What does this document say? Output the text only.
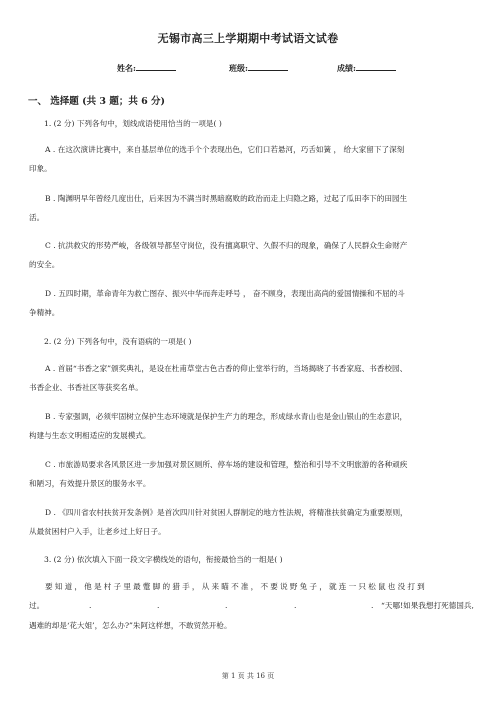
无锡市高三上学期期中考试语文试卷
姓名:	班级:	成绩:
一、 选择题 (共 3 题；共 6 分)
1. (2 分) 下列各句中，划线成语使用恰当的一项是( )
A . 在这次演讲比赛中，来自基层单位的选手个个表现出色，它们口若悬河，巧舌如簧 ， 给大家留下了深刻
印象。
B . 陶渊明早年曾经几度出仕，后来因为不满当时黑暗腐败的政治而走上归隐之路，过起了瓜田李下的田园生
活。
C . 抗洪救灾的形势严峻，各级领导都坚守岗位，没有擅离职守、久假不归的现象，确保了人民群众生命财产
的安全。
D . 五四时期，革命青年为救亡图存、振兴中华而奔走呼号 ， 奋不顾身，表现出高尚的爱国情操和不屈的斗
争精神。
2. (2 分) 下列各句中，没有语病的一项是( )
A . 首届“书香之家”颁奖典礼，是设在杜甫草堂古色古香的仰止堂举行的，当场揭晓了书香家庭、书香校园、
书香企业、书香社区等获奖名单。
B . 专家强调，必须牢固树立保护生态环境就是保护生产力的理念，形成绿水青山也是金山银山的生态意识，
构建与生态文明相适应的发展模式。
C . 市旅游局要求各风景区进一步加强对景区厕所、停车场的建设和管理，整治和引导不文明旅游的各种顽疾
和陋习，有效提升景区的服务水平。
D . 《四川省农村扶贫开发条例》是首次四川针对贫困人群制定的地方性法规，将精准扶贫确定为重要原则，
从最贫困村户入手，让老乡过上好日子。
3. (2 分) 依次填入下面一段文字横线处的语句，衔接最恰当的一组是( )
要知道，他是村子里最蹩脚的猎手，从来瞄不准，不要说野兔子，就连一只松鼠也没打到
过。	.	.	.	.	. “天哪!如果我想打死德国兵,
遇难的却是‘花大姐’，怎么办?”朱阿这样想，不敢贸然开枪。
第 1 页 共 16 页
